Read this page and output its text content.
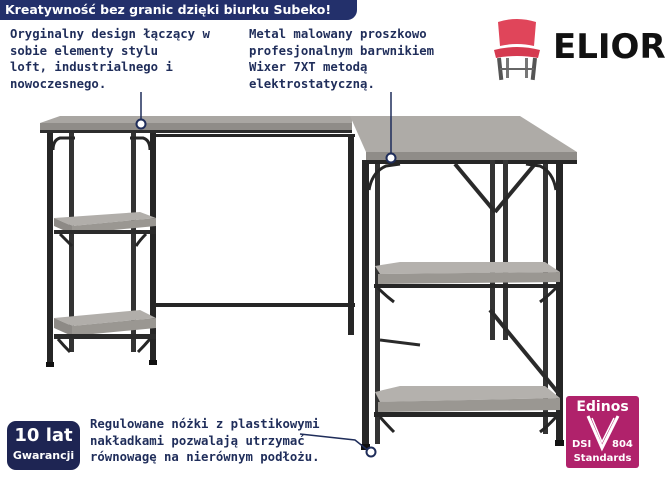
Kreatywność bez granic dzięki biurku Subeko!
Oryginalny design łączący w
sobie elementy stylu
loft, industrialnego i
nowoczesnego.
Metal malowany proszkowo
profesjonalnym barwnikiem
Wixer 7XT metodą
elektrostatyczną.
Regulowane nóżki z plastikowymi
nakładkami pozwalają utrzymać
równowagę na nierównym podłożu.
ELIOR
10 lat
Gwarancji
Edinos
DSI 804
Standards
